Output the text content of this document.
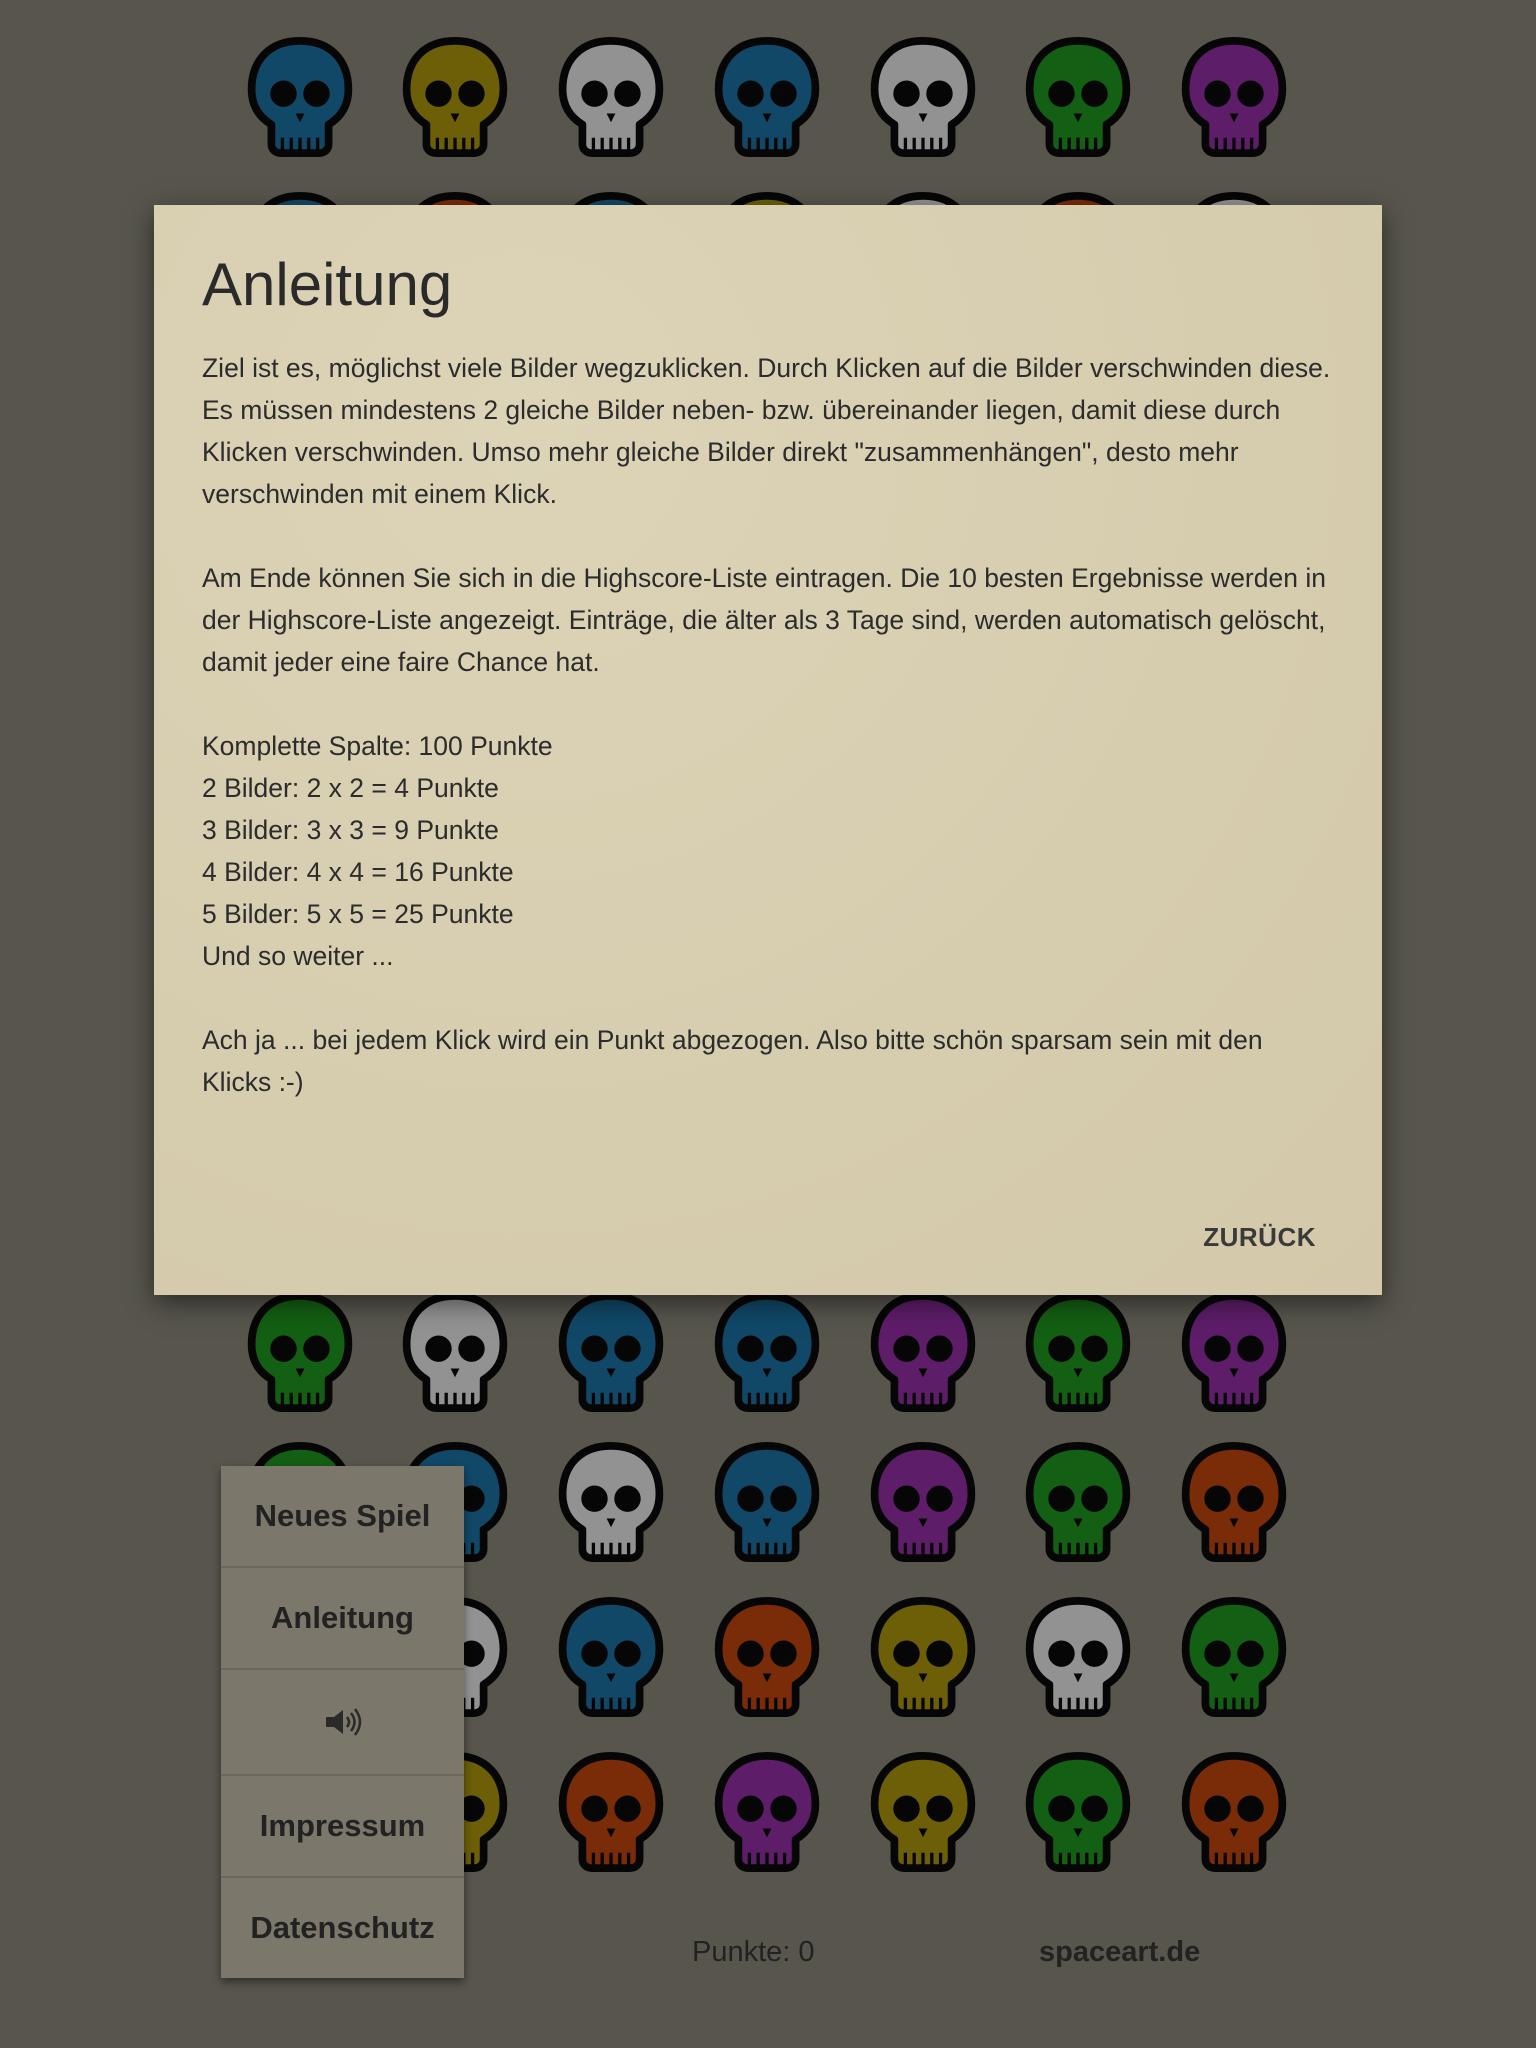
Neues Spiel
Anleitung
Impressum
Datenschutz
Punkte: 0	spaceart.de
Anleitung

Ziel ist es, möglichst viele Bilder wegzuklicken. Durch Klicken auf die Bilder verschwinden diese. Es müssen mindestens 2 gleiche Bilder neben- bzw. übereinander liegen, damit diese durch Klicken verschwinden. Umso mehr gleiche Bilder direkt "zusammenhängen", desto mehr verschwinden mit einem Klick.

Am Ende können Sie sich in die Highscore-Liste eintragen. Die 10 besten Ergebnisse werden in der Highscore-Liste angezeigt. Einträge, die älter als 3 Tage sind, werden automatisch gelöscht, damit jeder eine faire Chance hat.

Komplette Spalte: 100 Punkte

2 Bilder: 2 x 2 = 4 Punkte

3 Bilder: 3 x 3 = 9 Punkte

4 Bilder: 4 x 4 = 16 Punkte

5 Bilder: 5 x 5 = 25 Punkte

Und so weiter ...

Ach ja ... bei jedem Klick wird ein Punkt abgezogen. Also bitte schön sparsam sein mit den Klicks :-)

ZURÜCK
